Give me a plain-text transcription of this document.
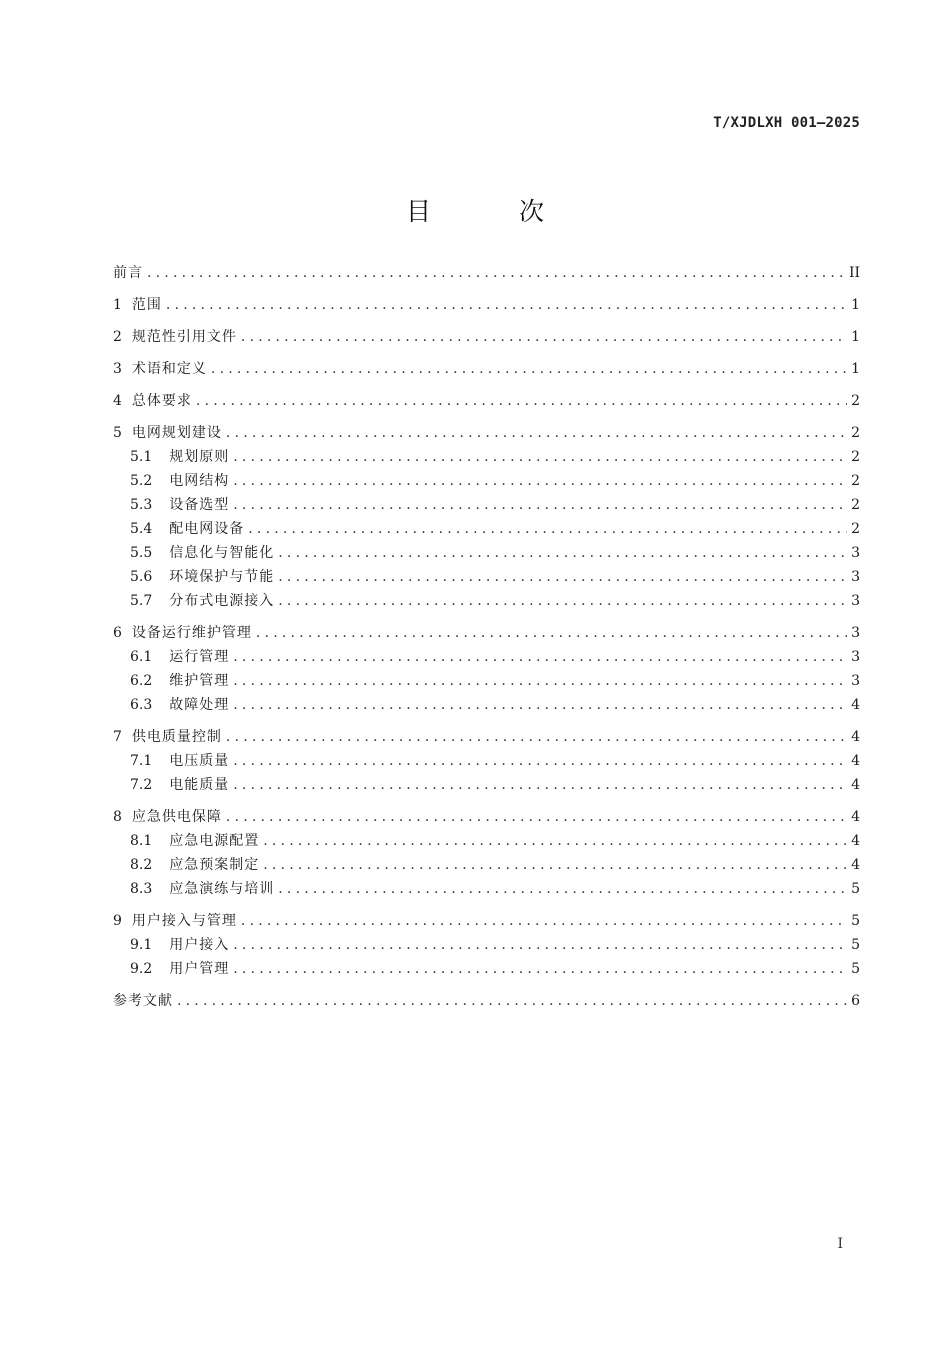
T/XJDLXH 001—2025
目 次
前言 .....	II
1 范围 .....	1
2 规范性引用文件 .....	1
3 术语和定义 .....	1
4 总体要求 .....	2
5 电网规划建设 .....	2
5.1 规划原则 .....	2
5.2 电网结构 .....	2
5.3 设备选型 .....	2
5.4 配电网设备 .....	2
5.5 信息化与智能化 .....	3
5.6 环境保护与节能 .....	3
5.7 分布式电源接入 .....	3
6 设备运行维护管理 .....	3
6.1 运行管理 .....	3
6.2 维护管理 .....	3
6.3 故障处理 .....	4
7 供电质量控制 .....	4
7.1 电压质量 .....	4
7.2 电能质量 .....	4
8 应急供电保障 .....	4
8.1 应急电源配置 .....	4
8.2 应急预案制定 .....	4
8.3 应急演练与培训 .....	5
9 用户接入与管理 .....	5
9.1 用户接入 .....	5
9.2 用户管理 .....	5
参考文献 .....	6
I
